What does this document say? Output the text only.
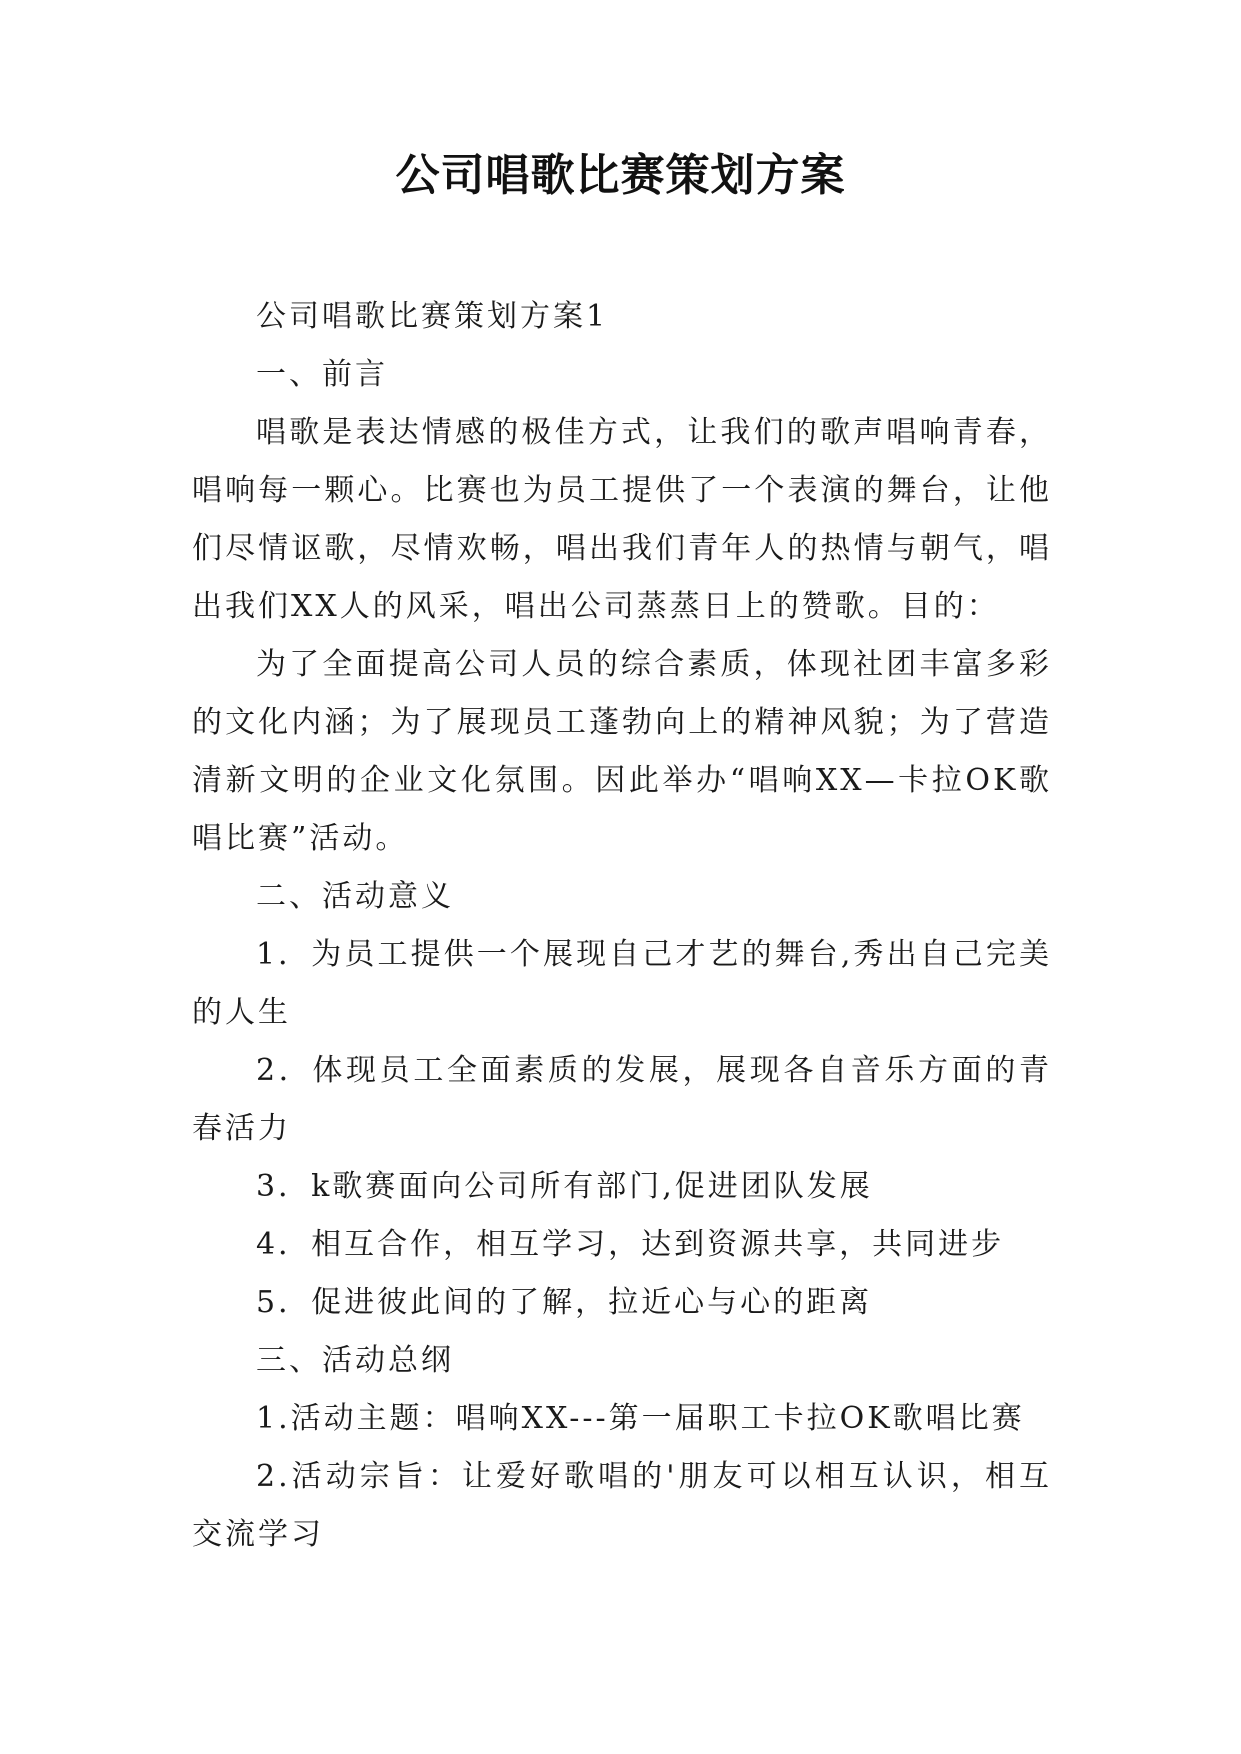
公司唱歌比赛策划方案

公司唱歌比赛策划方案1

一、前言

唱歌是表达情感的极佳方式，让我们的歌声唱响青春，唱响每一颗心。比赛也为员工提供了一个表演的舞台，让他们尽情讴歌，尽情欢畅，唱出我们青年人的热情与朝气，唱出我们XX人的风采，唱出公司蒸蒸日上的赞歌。目的：

为了全面提高公司人员的综合素质，体现社团丰富多彩的文化内涵；为了展现员工蓬勃向上的精神风貌；为了营造清新文明的企业文化氛围。因此举办“唱响XX—卡拉OK歌唱比赛”活动。

二、活动意义

1．为员工提供一个展现自己才艺的舞台,秀出自己完美的人生

2．体现员工全面素质的发展，展现各自音乐方面的青春活力

3．k歌赛面向公司所有部门,促进团队发展

4．相互合作，相互学习，达到资源共享，共同进步

5．促进彼此间的了解，拉近心与心的距离

三、活动总纲

1.活动主题：唱响XX---第一届职工卡拉OK歌唱比赛

2.活动宗旨：让爱好歌唱的'朋友可以相互认识，相互交流学习
